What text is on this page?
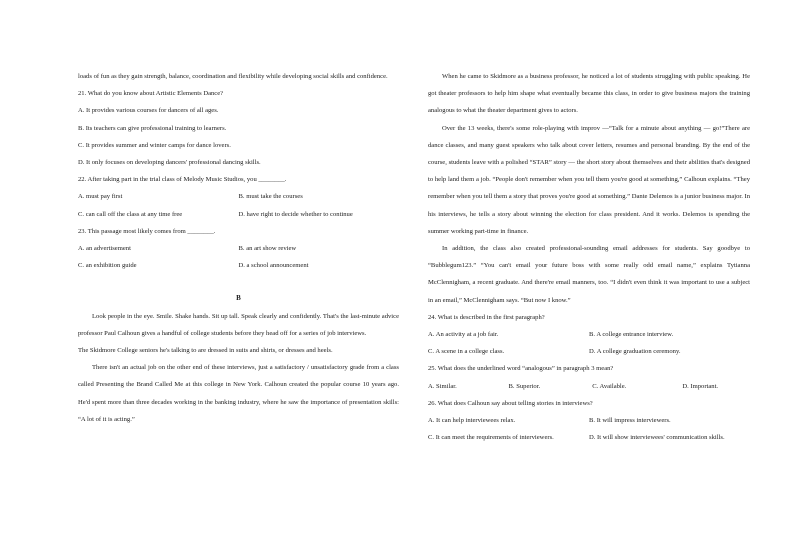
loads of fun as they gain strength, balance, coordination and flexibility while developing social skills and confidence.

21. What do you know about Artistic Elements Dance?

A. It provides various courses for dancers of all ages.

B. Its teachers can give professional training to learners.

C. It provides summer and winter camps for dance lovers.

D. It only focuses on developing dancers' professional dancing skills.

22. After taking part in the trial class of Melody Music Studios, you ________.

A. must pay first	B. must take the courses
C. can call off the class at any time free	D. have right to decide whether to continue

23. This passage most likely comes from ________.

A. an advertisement	B. an art show review
C. an exhibition guide	D. a school announcement

B

Look people in the eye. Smile. Shake hands. Sit up tall. Speak clearly and confidently. That's the last-minute advice professor Paul Calhoun gives a handful of college students before they head off for a series of job interviews.

The Skidmore College seniors he's talking to are dressed in suits and shirts, or dresses and heels.

There isn't an actual job on the other end of these interviews, just a satisfactory / unsatisfactory grade from a class called Presenting the Brand Called Me at this college in New York. Calhoun created the popular course 10 years ago. He'd spent more than three decades working in the banking industry, where he saw the importance of presentation skills: “A lot of it is acting.”

When he came to Skidmore as a business professor, he noticed a lot of students struggling with public speaking. He got theater professors to help him shape what eventually became this class, in order to give business majors the training analogous to what the theater department gives to actors.

Over the 13 weeks, there's some role-playing with improv —“Talk for a minute about anything — go!”There are dance classes, and many guest speakers who talk about cover letters, resumes and personal branding. By the end of the course, students leave with a polished “STAR” story — the short story about themselves and their abilities that's designed to help land them a job. “People don't remember when you tell them you're good at something,” Calhoun explains. “They remember when you tell them a story that proves you're good at something.” Dante Delemos is a junior business major. In his interviews, he tells a story about winning the election for class president. And it works. Delemos is spending the summer working part-time in finance.

In addition, the class also created professional-sounding email addresses for students. Say goodbye to “Bubblegum123.” “You can't email your future boss with some really odd email name,” explains Tytianna McClennigham, a recent graduate. And there're email manners, too. “I didn't even think it was important to use a subject in an email,” McClennigham says. “But now I know.”

24. What is described in the first paragraph?

A. An activity at a job fair.	B. A college entrance interview.
C. A scene in a college class.	D. A college graduation ceremony.

25. What does the underlined word “analogous” in paragraph 3 mean?

A. Similar.	B. Superior.	C. Available.	D. Important.

26. What does Calhoun say about telling stories in interviews?

A. It can help interviewees relax.	B. It will impress interviewers.
C. It can meet the requirements of interviewers.	D. It will show interviewees' communication skills.
